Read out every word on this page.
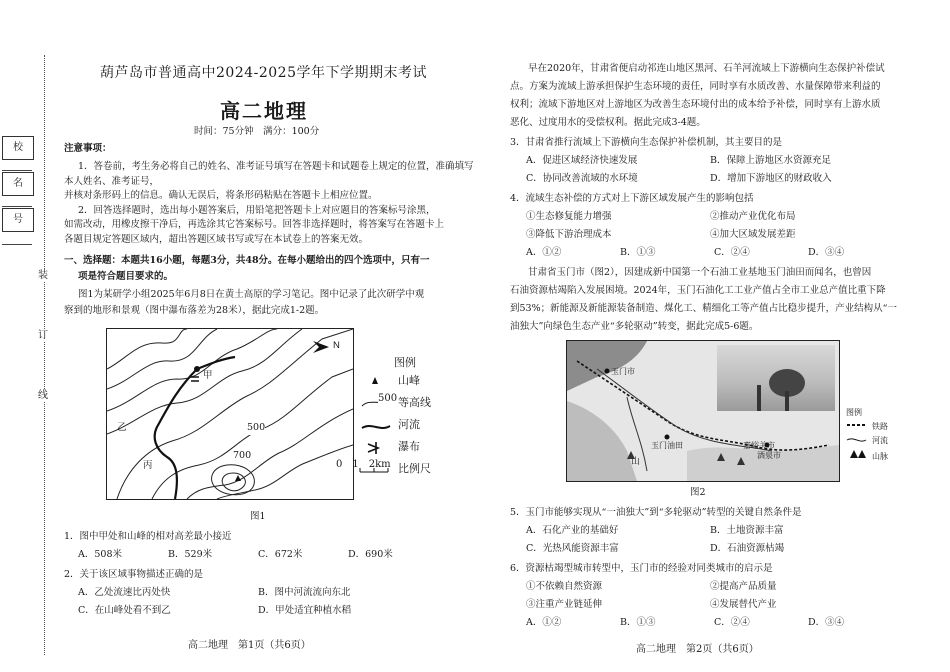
校
名
号
装
订
线
葫芦岛市普通高中2024-2025学年下学期期末考试
高二地理
时间：75分钟　满分：100分
注意事项：
1．答卷前，考生务必将自己的姓名、准考证号填写在答题卡和试题卷上规定的位置，准确填写本人姓名、准考证号，
并核对条形码上的信息。确认无误后，将条形码粘贴在答题卡上相应位置。
2．回答选择题时，选出每小题答案后，用铅笔把答题卡上对应题目的答案标号涂黑，
如需改动，用橡皮擦干净后，再选涂其它答案标号。回答非选择题时，将答案写在答题卡上
各题目规定答题区域内，超出答题区域书写或写在本试卷上的答案无效。
一、选择题：本题共16小题，每题3分，共48分。在每小题给出的四个选项中，只有一
项是符合题目要求的。
图1为某研学小组2025年6月8日在黄土高原的学习笔记。图中记录了此次研学中观
察到的地形和景观（图中瀑布落差为28米），据此完成1-2题。
甲
乙
丙
500
700
N
图例
山峰
500 等高线
河流
瀑布
0　1　2km 比例尺
图1
1．图中甲处和山峰的相对高差最小接近
A．508米	B．529米	C．672米	D．690米
2．关于该区域事物描述正确的是
A．乙处流速比丙处快	B．图中河流流向东北
C．在山峰处看不到乙	D．甲处适宜种植水稻
高二地理　第1页（共6页）
早在2020年，甘肃省便启动祁连山地区黑河、石羊河流域上下游横向生态保护补偿试
点。方案为流域上游承担保护生态环境的责任，同时享有水质改善、水量保障带来利益的
权利；流域下游地区对上游地区为改善生态环境付出的成本给予补偿，同时享有上游水质
恶化、过度用水的受偿权利。据此完成3-4题。
3．甘肃省推行流域上下游横向生态保护补偿机制，其主要目的是
A．促进区域经济快速发展	B．保障上游地区水资源充足
C．协同改善流域的水环境	D．增加下游地区的财政收入
4．流域生态补偿的方式对上下游区域发展产生的影响包括
①生态修复能力增强	②推动产业优化布局
③降低下游治理成本	④加大区域发展差距
A．①②	B．①③	C．②④	D．③④
甘肃省玉门市（图2），因建成新中国第一个石油工业基地玉门油田而闻名，也曾因
石油资源枯竭陷入发展困境。2024年，玉门石油化工工业产值占全市工业总产值比重下降
到53%；新能源及新能源装备制造、煤化工、精细化工等产值占比稳步提升，产业结构从“一
油独大”向绿色生态产业“多轮驱动”转变，据此完成5-6题。
玉门市
玉门油田	嘉峪关市
酒泉市
山
图例
铁路
河流
山脉
图2
5．玉门市能够实现从“一油独大”到“多轮驱动”转型的关键自然条件是
A．石化产业的基础好	B．土地资源丰富
C．光热风能资源丰富	D．石油资源枯竭
6．资源枯竭型城市转型中，玉门市的经验对同类城市的启示是
①不依赖自然资源	②提高产品质量
③注重产业链延伸	④发展替代产业
A．①②	B．①③	C．②④	D．③④
高二地理　第2页（共6页）
